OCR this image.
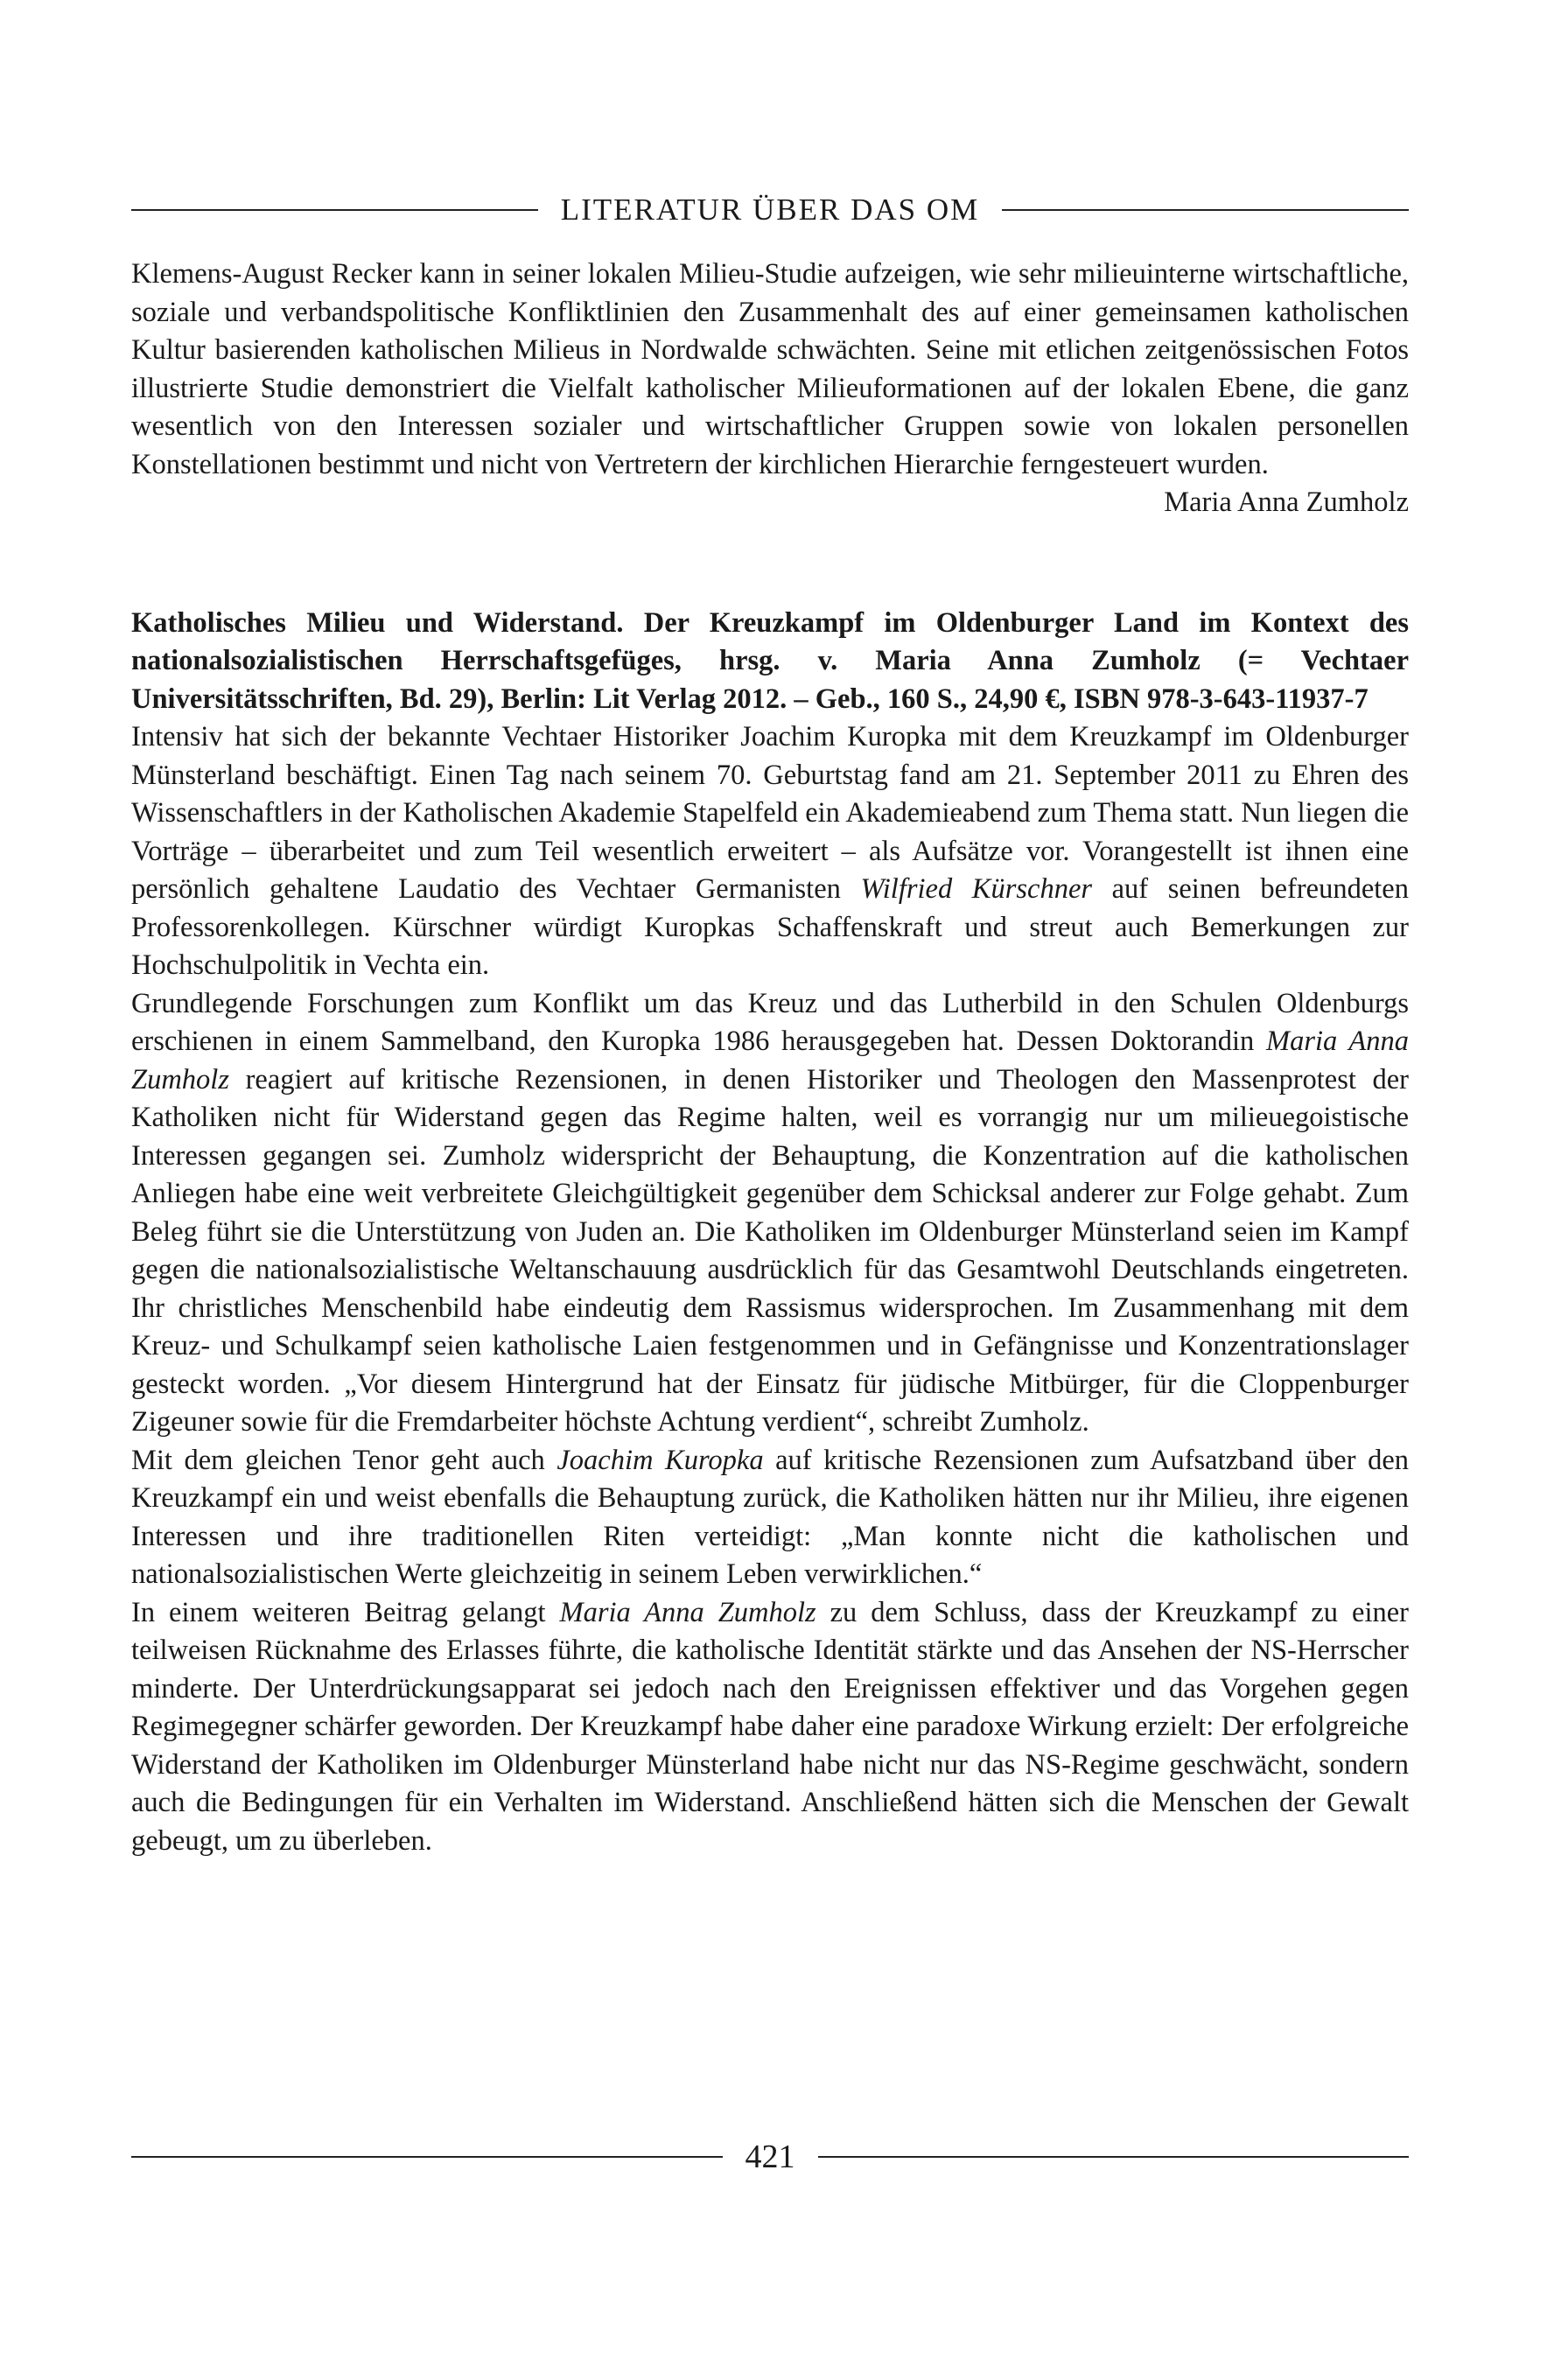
LITERATUR ÜBER DAS OM

Klemens-August Recker kann in seiner lokalen Milieu-Studie aufzeigen, wie sehr milieuinterne wirtschaftliche, soziale und verbandspolitische Konfliktlinien den Zusammenhalt des auf einer gemeinsamen katholischen Kultur basierenden katholischen Milieus in Nordwalde schwächten. Seine mit etlichen zeitgenössischen Fotos illustrierte Studie demonstriert die Vielfalt katholischer Milieuformationen auf der lokalen Ebene, die ganz wesentlich von den Interessen sozialer und wirtschaftlicher Gruppen sowie von lokalen personellen Konstellationen bestimmt und nicht von Vertretern der kirchlichen Hierarchie ferngesteuert wurden.

Maria Anna Zumholz
Katholisches Milieu und Widerstand. Der Kreuzkampf im Oldenburger Land im Kontext des nationalsozialistischen Herrschaftsgefüges, hrsg. v. Maria Anna Zumholz (= Vechtaer Universitätsschriften, Bd. 29), Berlin: Lit Verlag 2012. – Geb., 160 S., 24,90 €, ISBN 978-3-643-11937-7

Intensiv hat sich der bekannte Vechtaer Historiker Joachim Kuropka mit dem Kreuzkampf im Oldenburger Münsterland beschäftigt. Einen Tag nach seinem 70. Geburtstag fand am 21. September 2011 zu Ehren des Wissenschaftlers in der Katholischen Akademie Stapelfeld ein Akademieabend zum Thema statt. Nun liegen die Vorträge – überarbeitet und zum Teil wesentlich erweitert – als Aufsätze vor. Vorangestellt ist ihnen eine persönlich gehaltene Laudatio des Vechtaer Germanisten Wilfried Kürschner auf seinen befreundeten Professorenkollegen. Kürschner würdigt Kuropkas Schaffenskraft und streut auch Bemerkungen zur Hochschulpolitik in Vechta ein.

Grundlegende Forschungen zum Konflikt um das Kreuz und das Lutherbild in den Schulen Oldenburgs erschienen in einem Sammelband, den Kuropka 1986 herausgegeben hat. Dessen Doktorandin Maria Anna Zumholz reagiert auf kritische Rezensionen, in denen Historiker und Theologen den Massenprotest der Katholiken nicht für Widerstand gegen das Regime halten, weil es vorrangig nur um milieuegoistische Interessen gegangen sei. Zumholz widerspricht der Behauptung, die Konzentration auf die katholischen Anliegen habe eine weit verbreitete Gleichgültigkeit gegenüber dem Schicksal anderer zur Folge gehabt. Zum Beleg führt sie die Unterstützung von Juden an. Die Katholiken im Oldenburger Münsterland seien im Kampf gegen die nationalsozialistische Weltanschauung ausdrücklich für das Gesamtwohl Deutschlands eingetreten. Ihr christliches Menschenbild habe eindeutig dem Rassismus widersprochen. Im Zusammenhang mit dem Kreuz- und Schulkampf seien katholische Laien festgenommen und in Gefängnisse und Konzentrationslager gesteckt worden. „Vor diesem Hintergrund hat der Einsatz für jüdische Mitbürger, für die Cloppenburger Zigeuner sowie für die Fremdarbeiter höchste Achtung verdient“, schreibt Zumholz.

Mit dem gleichen Tenor geht auch Joachim Kuropka auf kritische Rezensionen zum Aufsatzband über den Kreuzkampf ein und weist ebenfalls die Behauptung zurück, die Katholiken hätten nur ihr Milieu, ihre eigenen Interessen und ihre traditionellen Riten verteidigt: „Man konnte nicht die katholischen und nationalsozialistischen Werte gleichzeitig in seinem Leben verwirklichen.“

In einem weiteren Beitrag gelangt Maria Anna Zumholz zu dem Schluss, dass der Kreuzkampf zu einer teilweisen Rücknahme des Erlasses führte, die katholische Identität stärkte und das Ansehen der NS-Herrscher minderte. Der Unterdrückungsapparat sei jedoch nach den Ereignissen effektiver und das Vorgehen gegen Regimegegner schärfer geworden. Der Kreuzkampf habe daher eine paradoxe Wirkung erzielt: Der erfolgreiche Widerstand der Katholiken im Oldenburger Münsterland habe nicht nur das NS-Regime geschwächt, sondern auch die Bedingungen für ein Verhalten im Widerstand. Anschließend hätten sich die Menschen der Gewalt gebeugt, um zu überleben.

421
